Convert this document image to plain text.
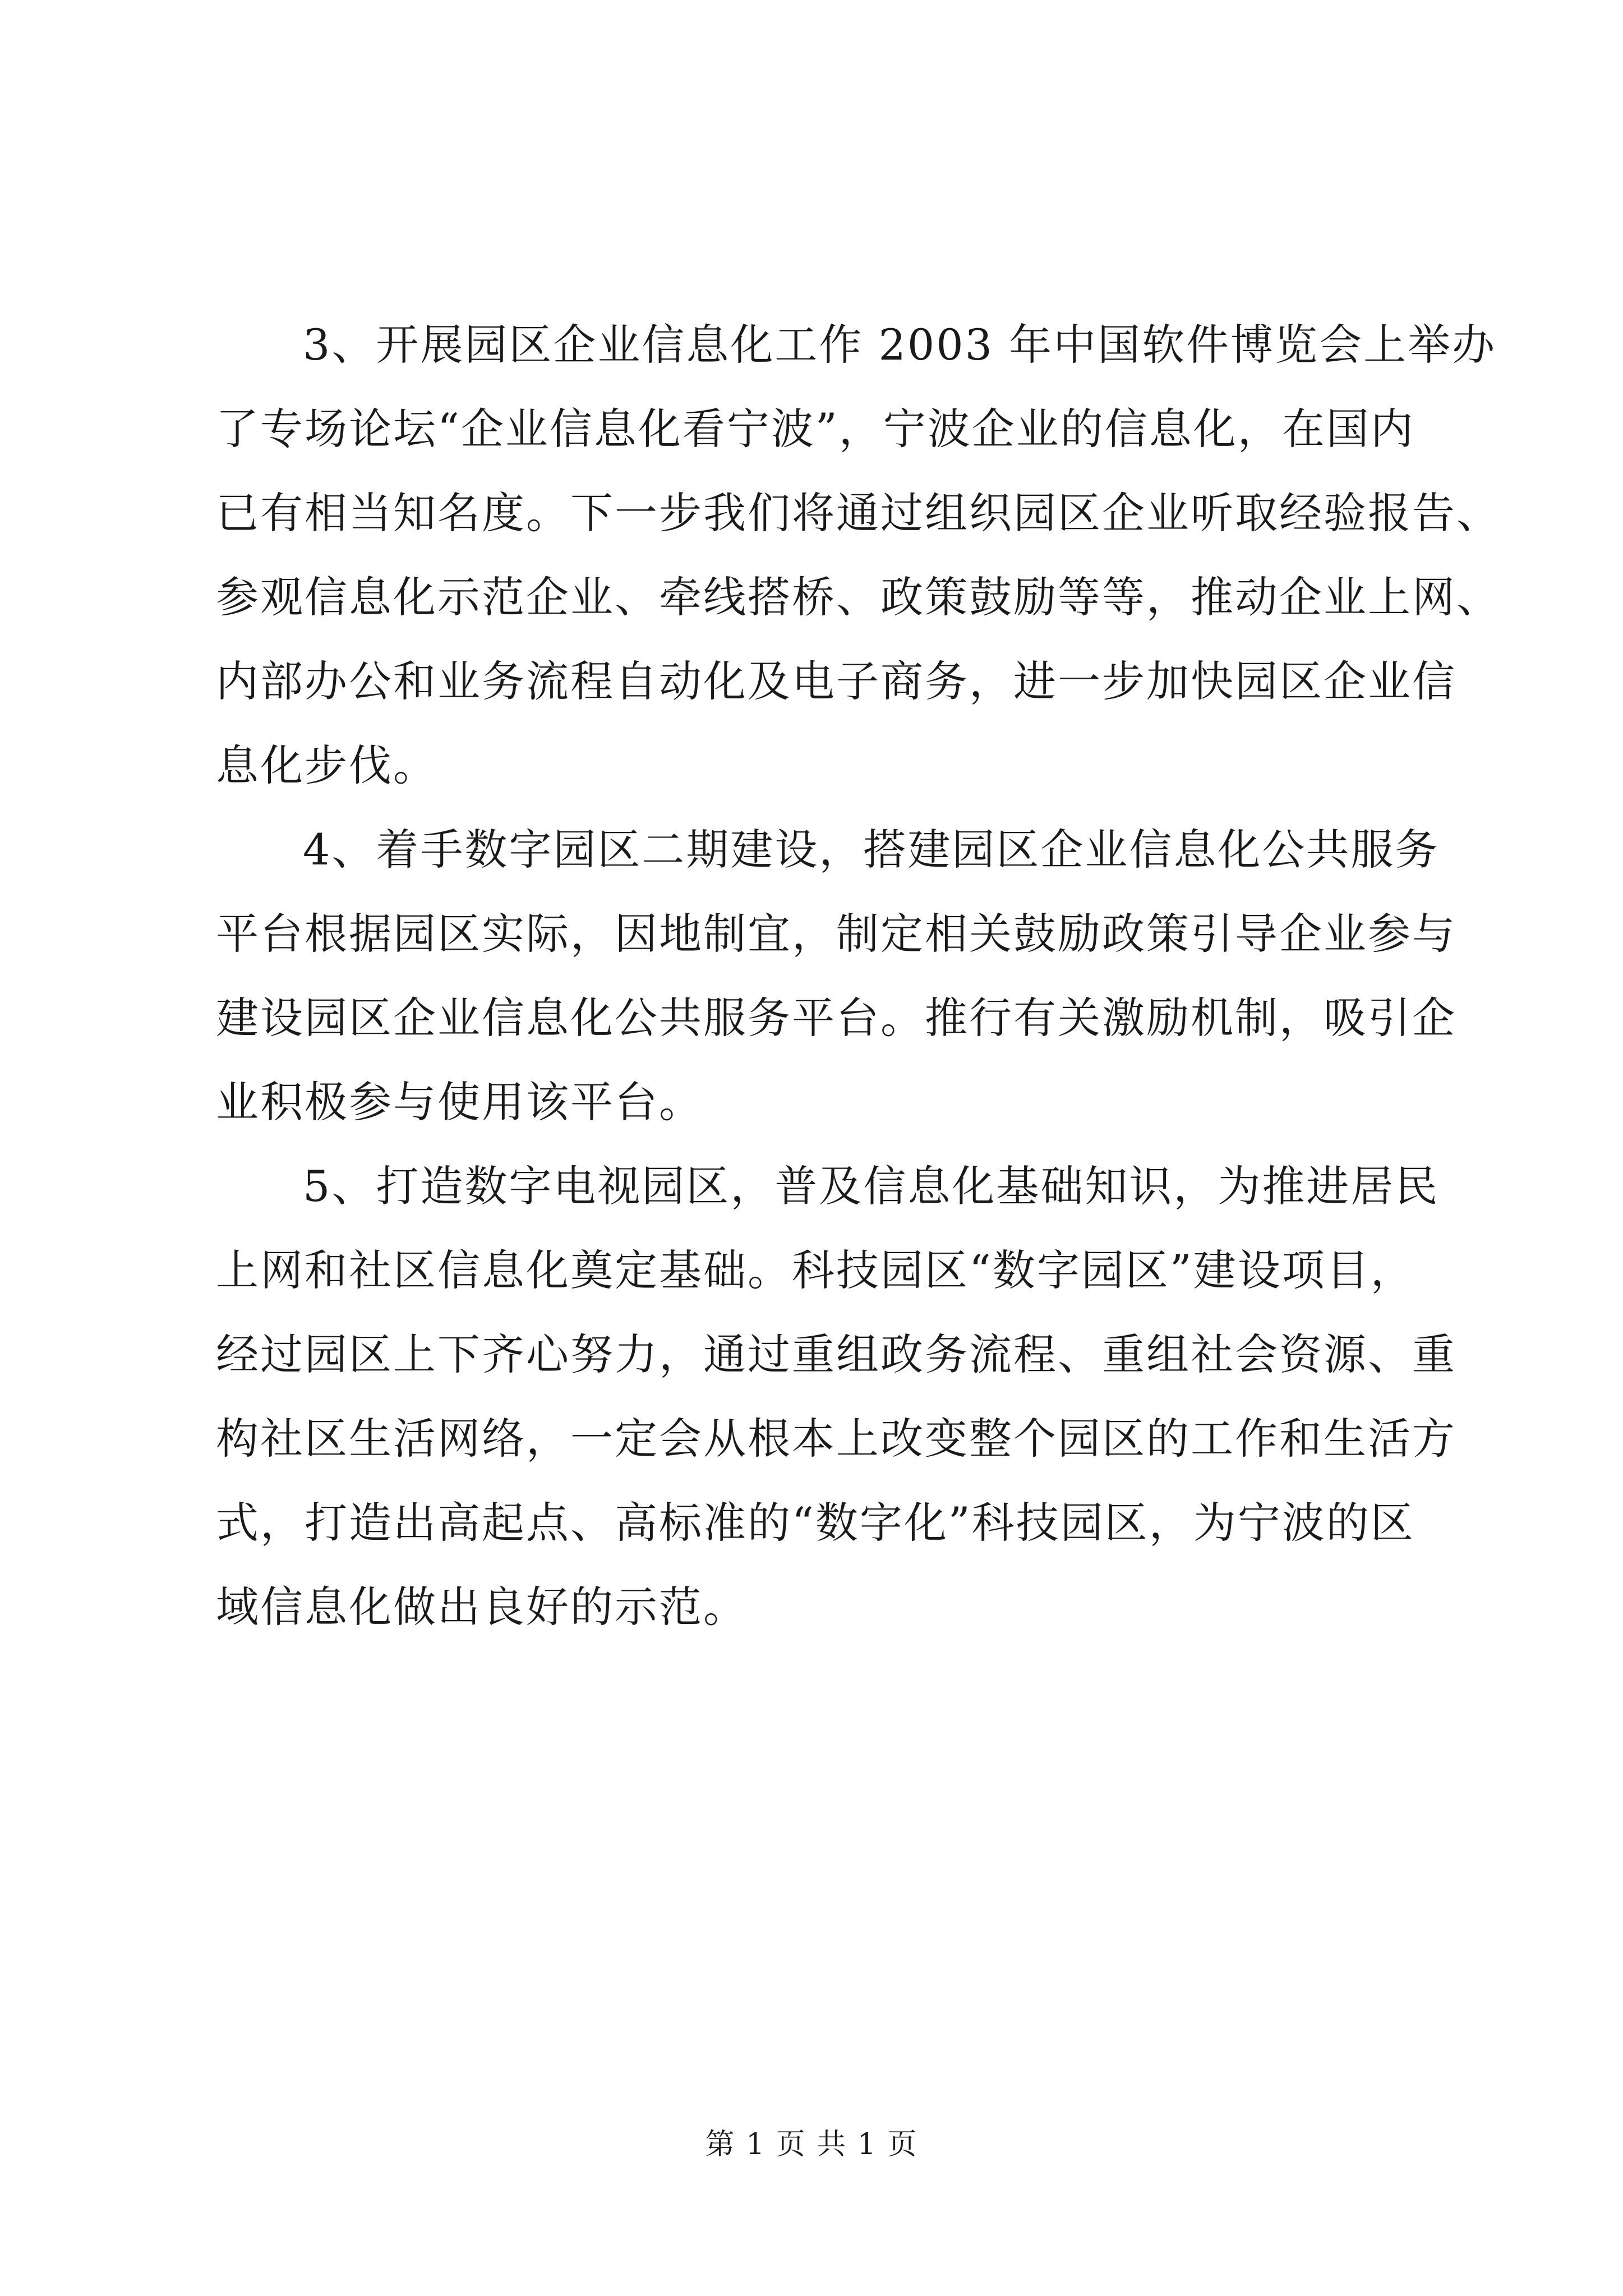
3、开展园区企业信息化工作 2003 年中国软件博览会上举办
了专场论坛“企业信息化看宁波”，宁波企业的信息化，在国内
已有相当知名度。下一步我们将通过组织园区企业听取经验报告、
参观信息化示范企业、牵线搭桥、政策鼓励等等，推动企业上网、
内部办公和业务流程自动化及电子商务，进一步加快园区企业信
息化步伐。
4、着手数字园区二期建设，搭建园区企业信息化公共服务
平台根据园区实际，因地制宜，制定相关鼓励政策引导企业参与
建设园区企业信息化公共服务平台。推行有关激励机制，吸引企
业积极参与使用该平台。
5、打造数字电视园区，普及信息化基础知识，为推进居民
上网和社区信息化奠定基础。科技园区“数字园区”建设项目，
经过园区上下齐心努力，通过重组政务流程、重组社会资源、重
构社区生活网络，一定会从根本上改变整个园区的工作和生活方
式，打造出高起点、高标准的“数字化”科技园区，为宁波的区
域信息化做出良好的示范。
第 1 页 共 1 页
